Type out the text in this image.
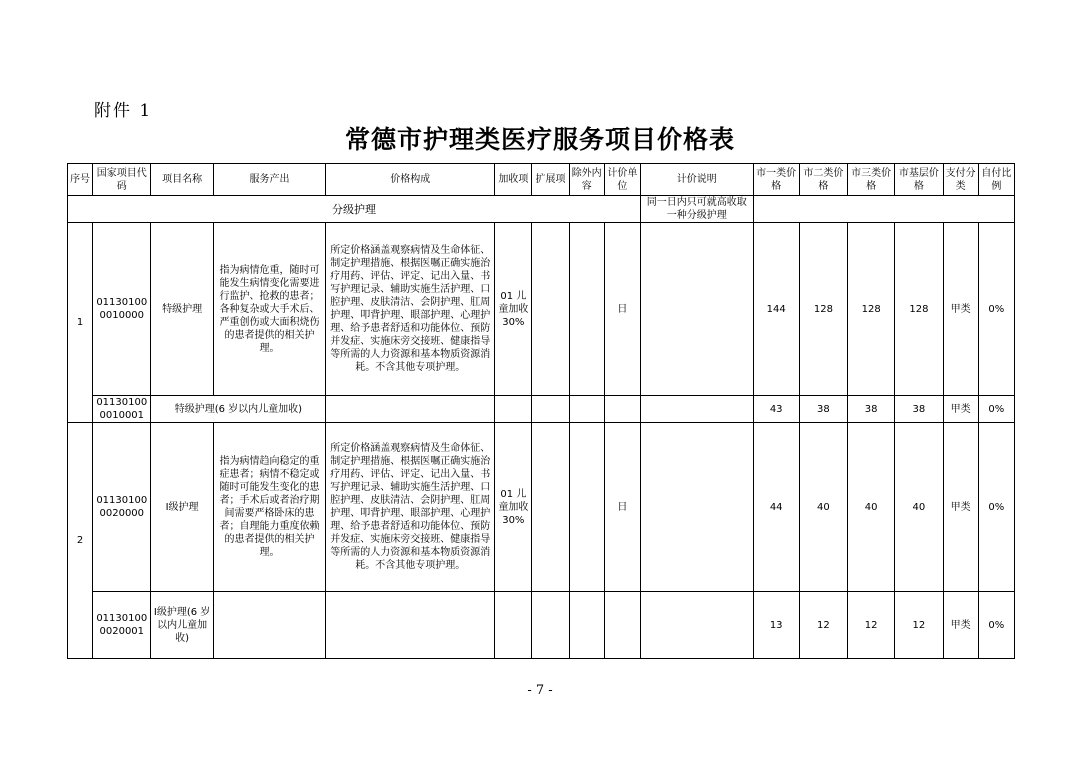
附件 1
常德市护理类医疗服务项目价格表
序号	国家项目代码	项目名称	服务产出	价格构成	加收项	扩展项	除外内容	计价单位	计价说明	市一类价格	市二类价格	市三类价格	市基层价格	支付分类	自付比例
分级护理									同一日内只可就高收取一种分级护理						
1	01130100 0010000	特级护理	指为病情危重，随时可能发生病情变化需要进行监护、抢救的患者；各种复杂或大手术后、严重创伤或大面积烧伤的患者提供的相关护理。	所定价格涵盖观察病情及生命体征、制定护理措施、根据医嘱正确实施治疗用药、评估、评定、记出入量、书写护理记录、辅助实施生活护理、口腔护理、皮肤清洁、会阴护理、肛周护理、叩背护理、眼部护理、心理护理、给予患者舒适和功能体位、预防并发症、实施床旁交接班、健康指导等所需的人力资源和基本物质资源消耗。不含其他专项护理。	01 儿童加收 30%			日		144	128	128	128	甲类	0%
	01130100 0010001	特级护理(6 岁以内儿童加收)								43	38	38	38	甲类	0%
2	01130100 0020000	Ⅰ级护理	指为病情趋向稳定的重症患者；病情不稳定或随时可能发生变化的患者；手术后或者治疗期间需要严格卧床的患者；自理能力重度依赖的患者提供的相关护理。	所定价格涵盖观察病情及生命体征、制定护理措施、根据医嘱正确实施治疗用药、评估、评定、记出入量、书写护理记录、辅助实施生活护理、口腔护理、皮肤清洁、会阴护理、肛周护理、叩背护理、眼部护理、心理护理、给予患者舒适和功能体位、预防并发症、实施床旁交接班、健康指导等所需的人力资源和基本物质资源消耗。不含其他专项护理。	01 儿童加收 30%			日		44	40	40	40	甲类	0%
	01130100 0020001	Ⅰ级护理(6 岁以内儿童加收)								13	12	12	12	甲类	0%
- 7 -
